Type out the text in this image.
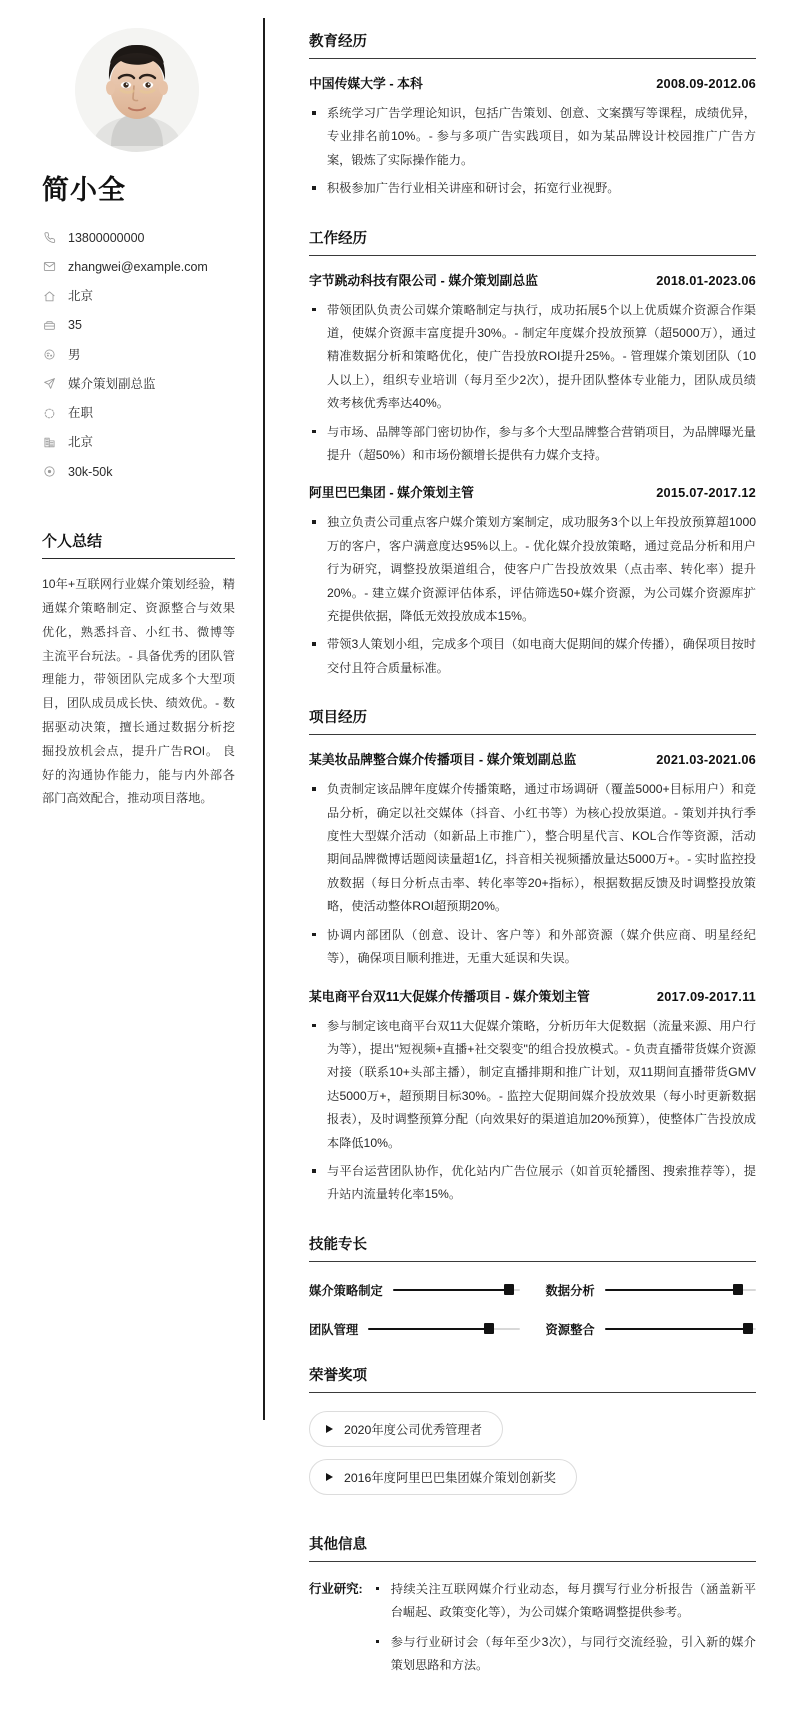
简小全
13800000000
zhangwei@example.com
北京
35
男
媒介策划副总监
在职
北京
30k-50k
个人总结

10年+互联网行业媒介策划经验，精通媒介策略制定、资源整合与效果优化，熟悉抖音、小红书、微博等主流平台玩法。- 具备优秀的团队管理能力，带领团队完成多个大型项目，团队成员成长快、绩效优。- 数据驱动决策，擅长通过数据分析挖掘投放机会点，提升广告ROI。 良好的沟通协作能力，能与内外部各部门高效配合，推动项目落地。

教育经历
中国传媒大学 - 本科	2008.09-2012.06
系统学习广告学理论知识，包括广告策划、创意、文案撰写等课程，成绩优异，专业排名前10%。- 参与多项广告实践项目，如为某品牌设计校园推广广告方案，锻炼了实际操作能力。
积极参加广告行业相关讲座和研讨会，拓宽行业视野。
工作经历
字节跳动科技有限公司 - 媒介策划副总监	2018.01-2023.06
带领团队负责公司媒介策略制定与执行，成功拓展5个以上优质媒介资源合作渠道，使媒介资源丰富度提升30%。- 制定年度媒介投放预算（超5000万），通过精准数据分析和策略优化，使广告投放ROI提升25%。- 管理媒介策划团队（10人以上），组织专业培训（每月至少2次），提升团队整体专业能力，团队成员绩效考核优秀率达40%。
与市场、品牌等部门密切协作，参与多个大型品牌整合营销项目，为品牌曝光量提升（超50%）和市场份额增长提供有力媒介支持。
阿里巴巴集团 - 媒介策划主管	2015.07-2017.12
独立负责公司重点客户媒介策划方案制定，成功服务3个以上年投放预算超1000万的客户，客户满意度达95%以上。- 优化媒介投放策略，通过竞品分析和用户行为研究，调整投放渠道组合，使客户广告投放效果（点击率、转化率）提升20%。- 建立媒介资源评估体系，评估筛选50+媒介资源，为公司媒介资源库扩充提供依据，降低无效投放成本15%。
带领3人策划小组，完成多个项目（如电商大促期间的媒介传播），确保项目按时交付且符合质量标准。
项目经历
某美妆品牌整合媒介传播项目 - 媒介策划副总监	2021.03-2021.06
负责制定该品牌年度媒介传播策略，通过市场调研（覆盖5000+目标用户）和竞品分析，确定以社交媒体（抖音、小红书等）为核心投放渠道。- 策划并执行季度性大型媒介活动（如新品上市推广），整合明星代言、KOL合作等资源，活动期间品牌微博话题阅读量超1亿，抖音相关视频播放量达5000万+。- 实时监控投放数据（每日分析点击率、转化率等20+指标），根据数据反馈及时调整投放策略，使活动整体ROI超预期20%。
协调内部团队（创意、设计、客户等）和外部资源（媒介供应商、明星经纪等），确保项目顺利推进，无重大延误和失误。
某电商平台双11大促媒介传播项目 - 媒介策划主管	2017.09-2017.11
参与制定该电商平台双11大促媒介策略，分析历年大促数据（流量来源、用户行为等），提出"短视频+直播+社交裂变"的组合投放模式。- 负责直播带货媒介资源对接（联系10+头部主播），制定直播排期和推广计划，双11期间直播带货GMV达5000万+，超预期目标30%。- 监控大促期间媒介投放效果（每小时更新数据报表），及时调整预算分配（向效果好的渠道追加20%预算），使整体广告投放成本降低10%。
与平台运营团队协作，优化站内广告位展示（如首页轮播图、搜索推荐等），提升站内流量转化率15%。
技能专长
媒介策略制定	数据分析
团队管理	资源整合
荣誉奖项
2020年度公司优秀管理者
2016年度阿里巴巴集团媒介策划创新奖
其他信息
行业研究:	持续关注互联网媒介行业动态，每月撰写行业分析报告（涵盖新平台崛起、政策变化等），为公司媒介策略调整提供参考。
参与行业研讨会（每年至少3次），与同行交流经验，引入新的媒介策划思路和方法。
